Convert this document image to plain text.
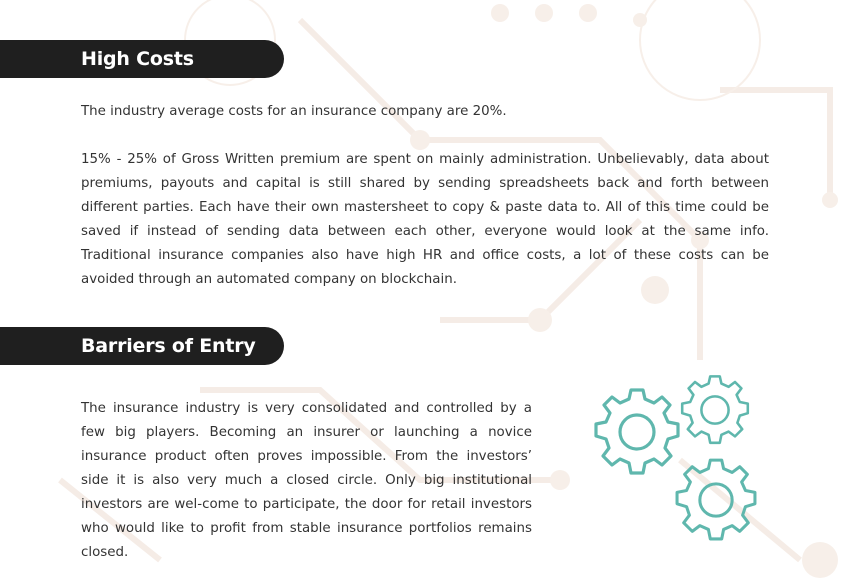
High Costs

The industry average costs for an insurance company are 20%.

15% - 25% of Gross Written premium are spent on mainly administration. Unbelievably, data about premiums, payouts and capital is still shared by sending spreadsheets back and forth between different parties. Each have their own mastersheet to copy & paste data to. All of this time could be saved if instead of sending data between each other, everyone would look at the same info. Traditional insurance companies also have high HR and office costs, a lot of these costs can be avoided through an automated company on blockchain.

Barriers of Entry

The insurance industry is very consolidated and controlled by a few big players. Becoming an insurer or launching a novice insurance product often proves impossible. From the investors’ side it is also very much a closed circle. Only big institutional investors are wel-come to participate, the door for retail investors who would like to profit from stable insurance portfolios remains closed.
